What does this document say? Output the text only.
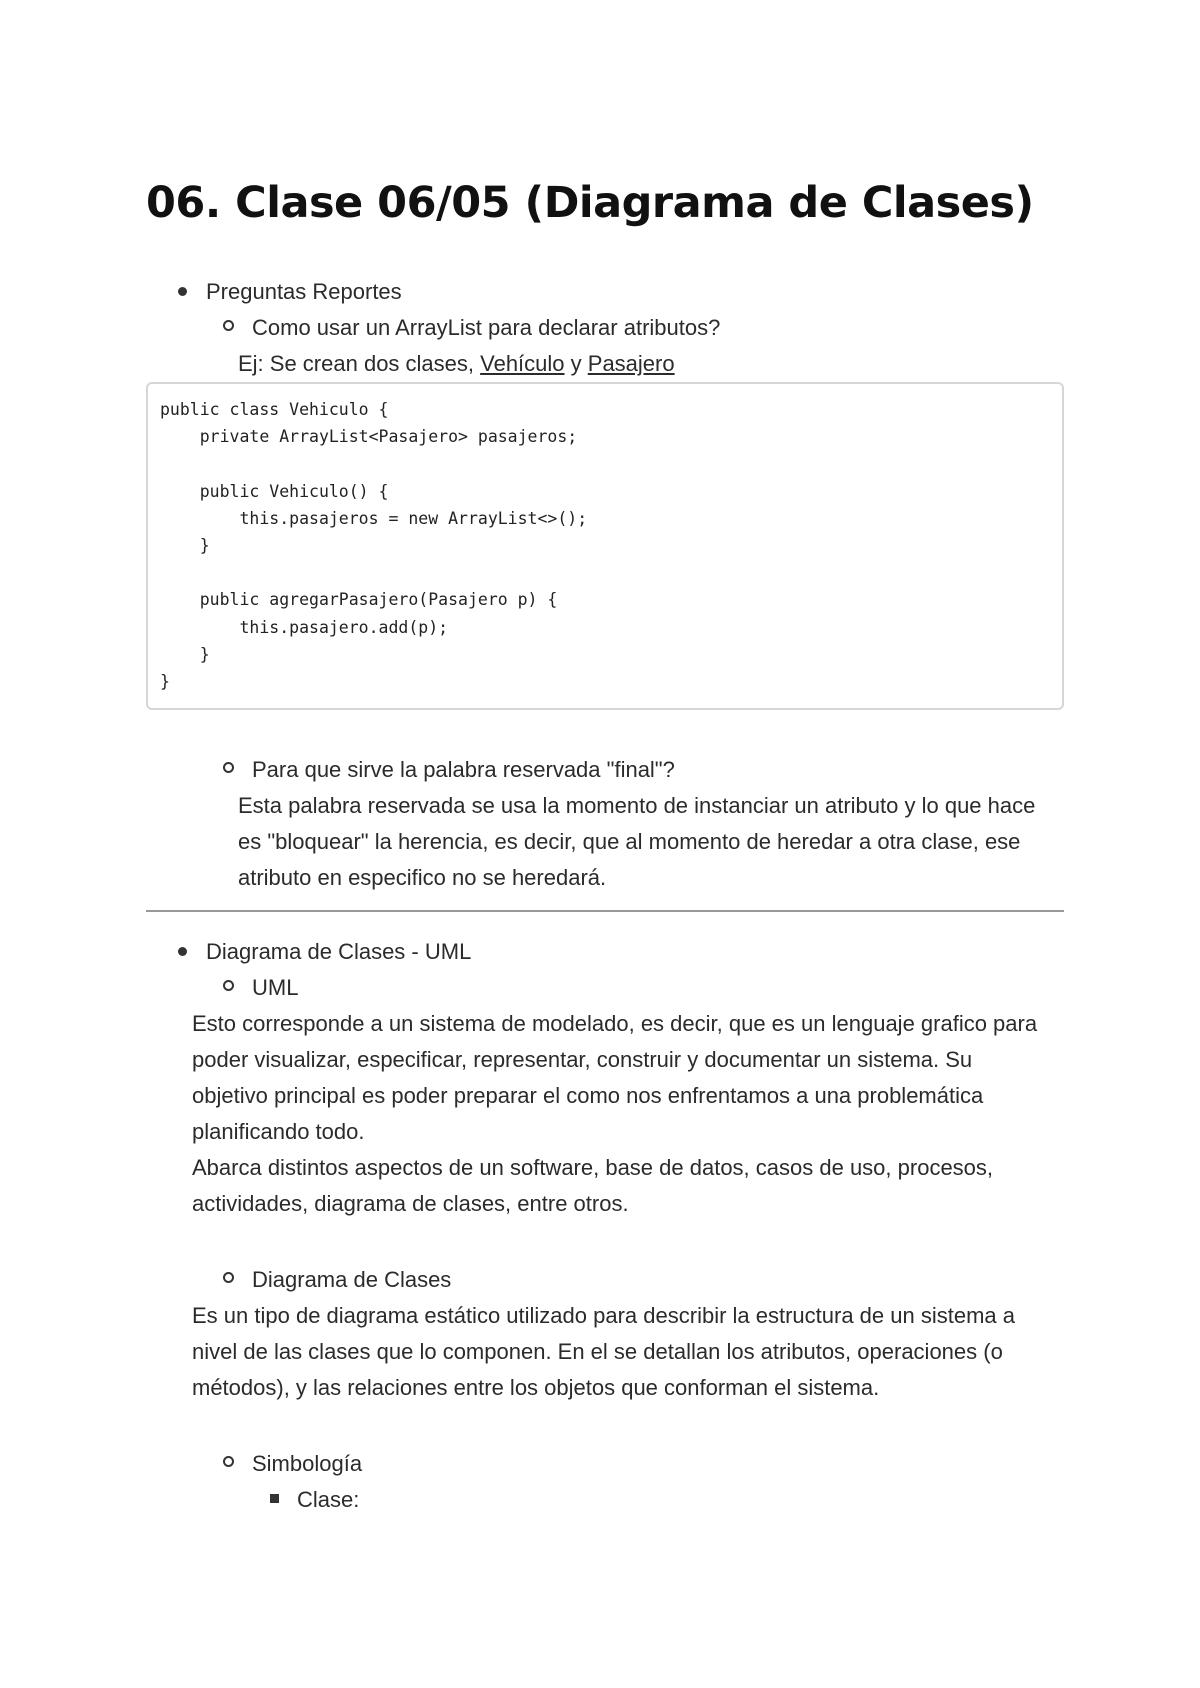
06. Clase 06/05 (Diagrama de Clases)
Preguntas Reportes
Como usar un ArrayList para declarar atributos?
Ej: Se crean dos clases, Vehículo y Pasajero
public class Vehiculo {
private ArrayList<Pasajero> pasajeros;
public Vehiculo() {
this.pasajeros = new ArrayList<>();
}
public agregarPasajero(Pasajero p) {
this.pasajero.add(p);
}
}
Para que sirve la palabra reservada "final"?
Esta palabra reservada se usa la momento de instanciar un atributo y lo que hace
es "bloquear" la herencia, es decir, que al momento de heredar a otra clase, ese
atributo en especifico no se heredará.
Diagrama de Clases - UML
UML
Esto corresponde a un sistema de modelado, es decir, que es un lenguaje grafico para
poder visualizar, especificar, representar, construir y documentar un sistema. Su
objetivo principal es poder preparar el como nos enfrentamos a una problemática
planificando todo.
Abarca distintos aspectos de un software, base de datos, casos de uso, procesos,
actividades, diagrama de clases, entre otros.
Diagrama de Clases
Es un tipo de diagrama estático utilizado para describir la estructura de un sistema a
nivel de las clases que lo componen. En el se detallan los atributos, operaciones (o
métodos), y las relaciones entre los objetos que conforman el sistema.
Simbología
Clase:
